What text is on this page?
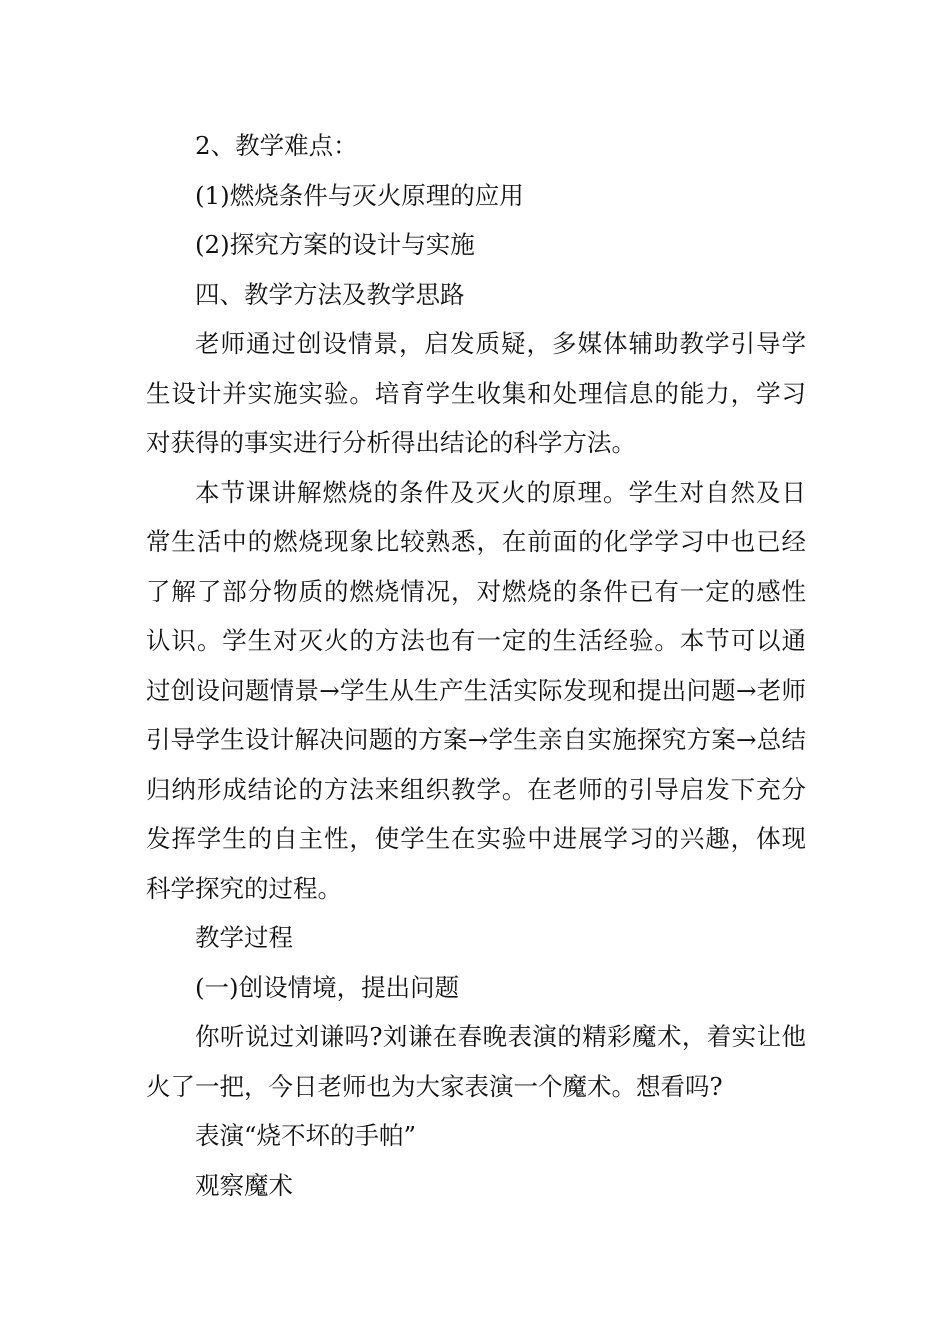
2、教学难点：

(1)燃烧条件与灭火原理的应用

(2)探究方案的设计与实施

四、教学方法及教学思路

老师通过创设情景，启发质疑，多媒体辅助教学引导学生设计并实施实验。培育学生收集和处理信息的能力，学习对获得的事实进行分析得出结论的科学方法。

本节课讲解燃烧的条件及灭火的原理。学生对自然及日常生活中的燃烧现象比较熟悉，在前面的化学学习中也已经了解了部分物质的燃烧情况，对燃烧的条件已有一定的感性认识。学生对灭火的方法也有一定的生活经验。本节可以通过创设问题情景→学生从生产生活实际发现和提出问题→老师引导学生设计解决问题的方案→学生亲自实施探究方案→总结归纳形成结论的方法来组织教学。在老师的引导启发下充分发挥学生的自主性，使学生在实验中进展学习的兴趣，体现科学探究的过程。

教学过程

(一)创设情境，提出问题

你听说过刘谦吗?刘谦在春晚表演的精彩魔术，着实让他火了一把，今日老师也为大家表演一个魔术。想看吗?

表演“烧不坏的手帕”

观察魔术
